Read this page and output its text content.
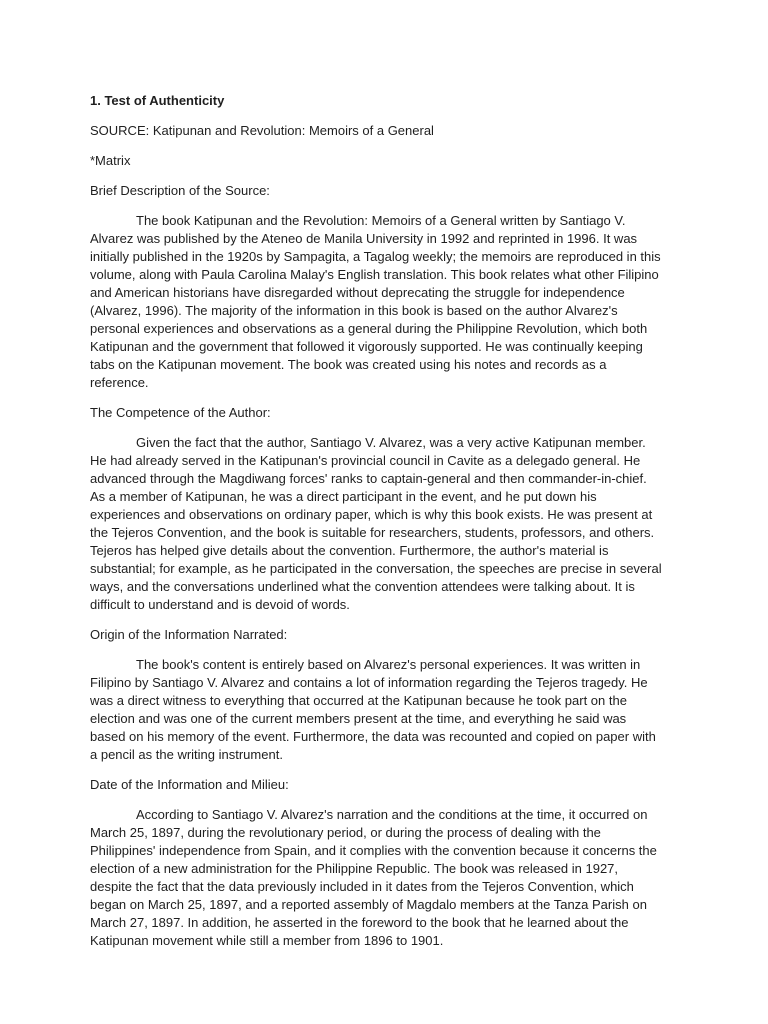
1. Test of Authenticity
SOURCE: Katipunan and Revolution: Memoirs of a General
*Matrix
Brief Description of the Source:
The book Katipunan and the Revolution: Memoirs of a General written by Santiago V. Alvarez was published by the Ateneo de Manila University in 1992 and reprinted in 1996. It was initially published in the 1920s by Sampagita, a Tagalog weekly; the memoirs are reproduced in this volume, along with Paula Carolina Malay's English translation. This book relates what other Filipino and American historians have disregarded without deprecating the struggle for independence (Alvarez, 1996). The majority of the information in this book is based on the author Alvarez's personal experiences and observations as a general during the Philippine Revolution, which both Katipunan and the government that followed it vigorously supported. He was continually keeping tabs on the Katipunan movement. The book was created using his notes and records as a reference.
The Competence of the Author:
Given the fact that the author, Santiago V. Alvarez, was a very active Katipunan member. He had already served in the Katipunan's provincial council in Cavite as a delegado general. He advanced through the Magdiwang forces' ranks to captain-general and then commander-in-chief. As a member of Katipunan, he was a direct participant in the event, and he put down his experiences and observations on ordinary paper, which is why this book exists. He was present at the Tejeros Convention, and the book is suitable for researchers, students, professors, and others. Tejeros has helped give details about the convention. Furthermore, the author's material is substantial; for example, as he participated in the conversation, the speeches are precise in several ways, and the conversations underlined what the convention attendees were talking about. It is difficult to understand and is devoid of words.
Origin of the Information Narrated:
The book's content is entirely based on Alvarez's personal experiences. It was written in Filipino by Santiago V. Alvarez and contains a lot of information regarding the Tejeros tragedy. He was a direct witness to everything that occurred at the Katipunan because he took part on the election and was one of the current members present at the time, and everything he said was based on his memory of the event. Furthermore, the data was recounted and copied on paper with a pencil as the writing instrument.
Date of the Information and Milieu:
According to Santiago V. Alvarez's narration and the conditions at the time, it occurred on March 25, 1897, during the revolutionary period, or during the process of dealing with the Philippines' independence from Spain, and it complies with the convention because it concerns the election of a new administration for the Philippine Republic. The book was released in 1927, despite the fact that the data previously included in it dates from the Tejeros Convention, which began on March 25, 1897, and a reported assembly of Magdalo members at the Tanza Parish on March 27, 1897. In addition, he asserted in the foreword to the book that he learned about the Katipunan movement while still a member from 1896 to 1901.
